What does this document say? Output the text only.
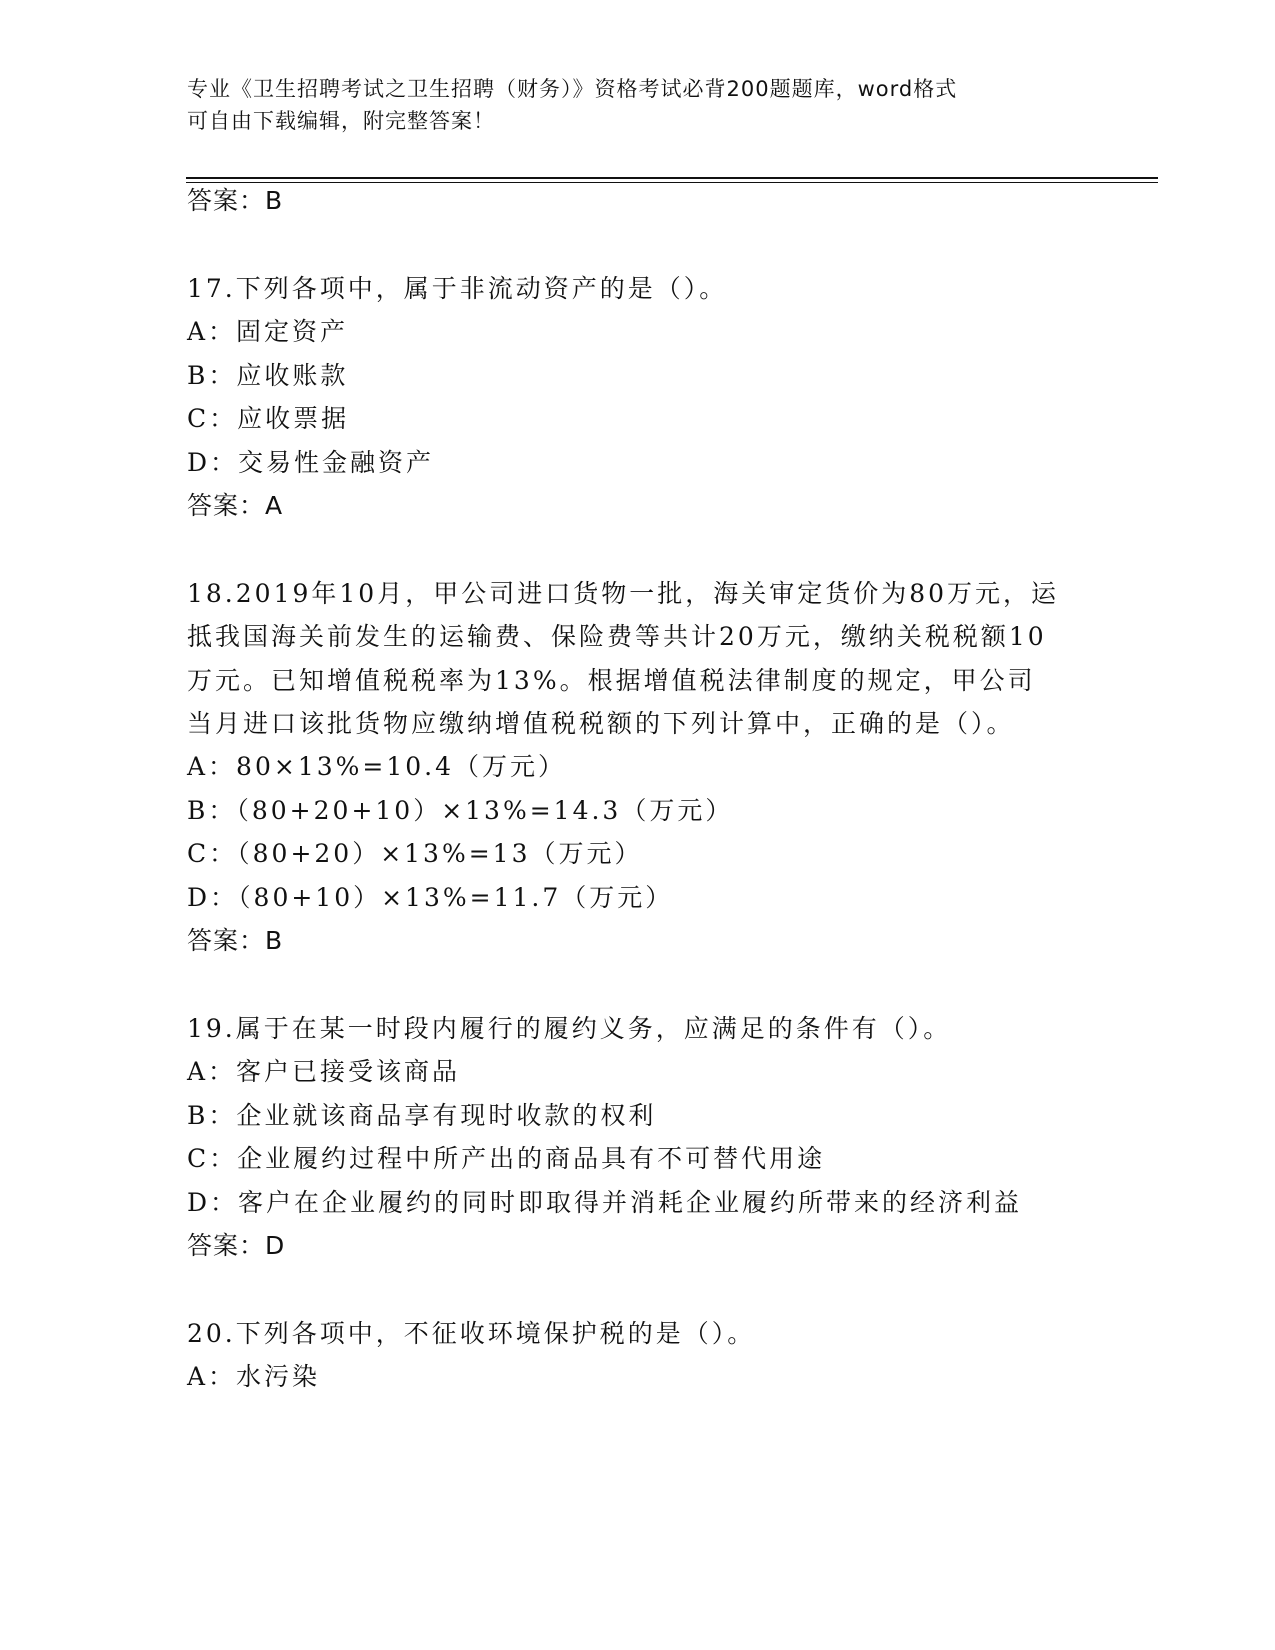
专业《卫生招聘考试之卫生招聘（财务）》资格考试必背200题题库，word格式
可自由下载编辑，附完整答案！
答案：B
17.下列各项中，属于非流动资产的是（）。
A：固定资产
B：应收账款
C：应收票据
D：交易性金融资产
答案：A
18.2019年10月，甲公司进口货物一批，海关审定货价为80万元，运
抵我国海关前发生的运输费、保险费等共计20万元，缴纳关税税额10
万元。已知增值税税率为13%。根据增值税法律制度的规定，甲公司
当月进口该批货物应缴纳增值税税额的下列计算中，正确的是（）。
A：80×13%=10.4（万元）
B：（80+20+10）×13%=14.3（万元）
C：（80+20）×13%=13（万元）
D：（80+10）×13%=11.7（万元）
答案：B
19.属于在某一时段内履行的履约义务，应满足的条件有（）。
A：客户已接受该商品
B：企业就该商品享有现时收款的权利
C：企业履约过程中所产出的商品具有不可替代用途
D：客户在企业履约的同时即取得并消耗企业履约所带来的经济利益
答案：D
20.下列各项中，不征收环境保护税的是（）。
A：水污染
